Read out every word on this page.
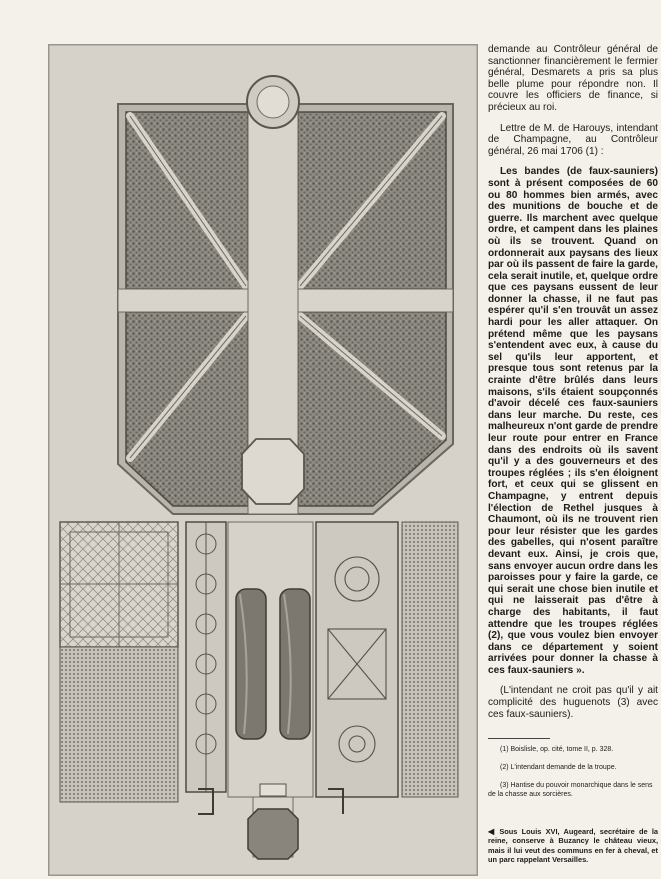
demande au Contrôleur général de sanctionner financièrement le fermier général, Desmarets a pris sa plus belle plume pour répondre non. Il couvre les officiers de finance, si précieux au roi.

Lettre de M. de Harouys, intendant de Champagne, au Contrôleur général, 26 mai 1706 (1) :

Les bandes (de faux-sauniers) sont à présent composées de 60 ou 80 hommes bien armés, avec des munitions de bouche et de guerre. Ils marchent avec quelque ordre, et campent dans les plaines où ils se trouvent. Quand on ordonnerait aux paysans des lieux par où ils passent de faire la garde, cela serait inutile, et, quelque ordre que ces paysans eussent de leur donner la chasse, il ne faut pas espérer qu'il s'en trouvât un assez hardi pour les aller attaquer. On prétend même que les paysans s'entendent avec eux, à cause du sel qu'ils leur apportent, et presque tous sont retenus par la crainte d'être brûlés dans leurs maisons, s'ils étaient soupçonnés d'avoir décelé ces faux-sauniers dans leur marche. Du reste, ces malheureux n'ont garde de prendre leur route pour entrer en France dans des endroits où ils savent qu'il y a des gouverneurs et des troupes réglées ; ils s'en éloignent fort, et ceux qui se glissent en Champagne, y entrent depuis l'élection de Rethel jusques à Chaumont, où ils ne trouvent rien pour leur résister que les gardes des gabelles, qui n'osent paraître devant eux. Ainsi, je crois que, sans envoyer aucun ordre dans les paroisses pour y faire la garde, ce qui serait une chose bien inutile et qui ne laisserait pas d'être à charge des habitants, il faut attendre que les troupes réglées (2), que vous voulez bien envoyer dans ce département y soient arrivées pour donner la chasse à ces faux-sauniers ».

(L'intendant ne croit pas qu'il y ait complicité des huguenots (3) avec ces faux-sauniers).

(1) Boislisle, op. cité, tome II, p. 328.

(2) L'intendant demande de la troupe.

(3) Hantise du pouvoir monarchique dans le sens de la chasse aux sorcières.

◀ Sous Louis XVI, Augeard, secrétaire de la reine, conserve à Buzancy le château vieux, mais il lui veut des communs en fer à cheval, et un parc rappelant Versailles.
